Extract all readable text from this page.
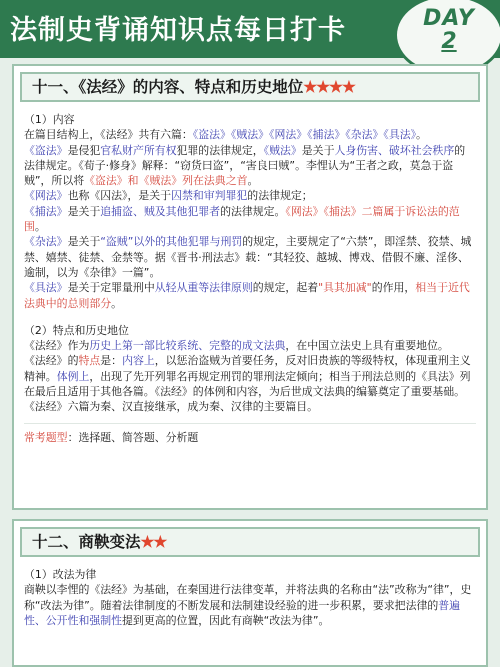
法制史背诵知识点每日打卡	DAY
2
十一、《法经》的内容、特点和历史地位★★★★
（1）内容
在篇目结构上，《法经》共有六篇：《盗法》《贼法》《网法》《捕法》《杂法》《具法》。
《盗法》是侵犯官私财产所有权犯罪的法律规定，《贼法》是关于人身伤害、破坏社会秩序的法律规定。《荀子·修身》解释：“窃货曰盗”，“害良曰贼”。李悝认为“王者之政，莫急于盗贼”，所以将《盗法》和《贼法》列在法典之首。
《网法》也称《囚法》，是关于囚禁和审判罪犯的法律规定；
《捕法》是关于追捕盗、贼及其他犯罪者的法律规定。《网法》《捕法》二篇属于诉讼法的范围。
《杂法》是关于“盗贼”以外的其他犯罪与刑罚的规定，主要规定了“六禁”，即淫禁、狡禁、城禁、嬉禁、徒禁、金禁等。据《晋书·刑法志》载：“其轻狡、越城、博戏、借假不廉、淫侈、逾制，以为《杂律》一篇”。
《具法》是关于定罪量刑中从轻从重等法律原则的规定，起着"具其加减"的作用，相当于近代法典中的总则部分。
（2）特点和历史地位
《法经》作为历史上第一部比较系统、完整的成文法典，在中国立法史上具有重要地位。
《法经》的特点是：内容上，以惩治盗贼为首要任务，反对旧贵族的等级特权，体现重刑主义精神。体例上，出现了先开列罪名再规定刑罚的罪刑法定倾向；相当于刑法总则的《具法》列在最后且适用于其他各篇。《法经》的体例和内容，为后世成文法典的编纂奠定了重要基础。《法经》六篇为秦、汉直接继承，成为秦、汉律的主要篇目。
常考题型：选择题、简答题、分析题
十二、商鞅变法★★
（1）改法为律
商鞅以李悝的《法经》为基础，在秦国进行法律变革，并将法典的名称由“法”改称为“律”，史称“改法为律”。随着法律制度的不断发展和法制建设经验的进一步积累，要求把法律的普遍性、公开性和强制性提到更高的位置，因此有商鞅“改法为律”。
